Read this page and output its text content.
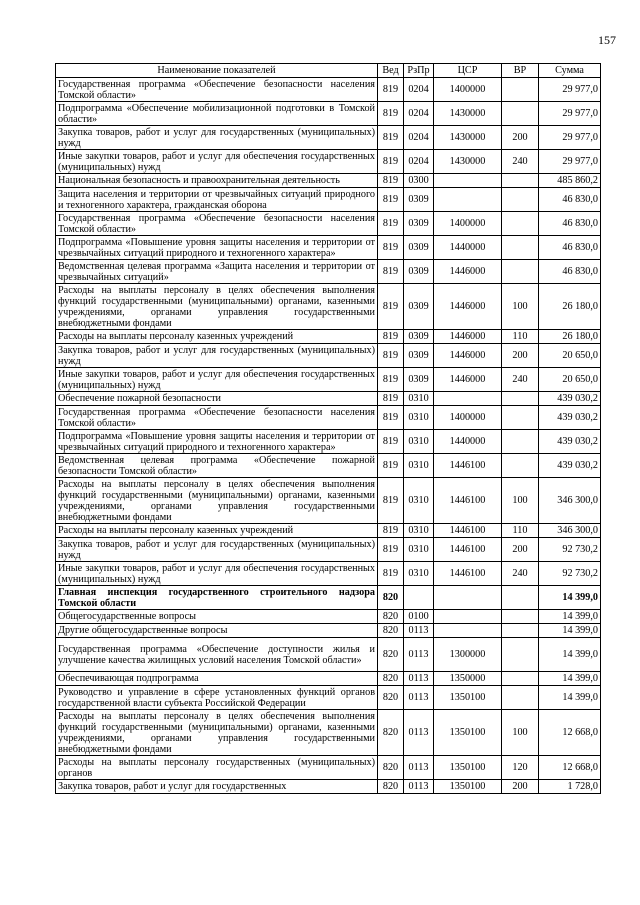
157
Наименование показателей	Вед	РзПр	ЦСР	ВР	Сумма
Государственная программа «Обеспечение безопасности населения Томской области»	819	0204	1400000		29 977,0
Подпрограмма «Обеспечение мобилизационной подготовки в Томской области»	819	0204	1430000		29 977,0
Закупка товаров, работ и услуг для государственных (муниципальных) нужд	819	0204	1430000	200	29 977,0
Иные закупки товаров, работ и услуг для обеспечения государственных (муниципальных) нужд	819	0204	1430000	240	29 977,0
Национальная безопасность и правоохранительная деятельность	819	0300			485 860,2
Защита населения и территории от чрезвычайных ситуаций природного и техногенного характера, гражданская оборона	819	0309			46 830,0
Государственная программа «Обеспечение безопасности населения Томской области»	819	0309	1400000		46 830,0
Подпрограмма «Повышение уровня защиты населения и территории от чрезвычайных ситуаций природного и техногенного характера»	819	0309	1440000		46 830,0
Ведомственная целевая программа «Защита населения и территории от чрезвычайных ситуаций»	819	0309	1446000		46 830,0
Расходы на выплаты персоналу в целях обеспечения выполнения функций государственными (муниципальными) органами, казенными учреждениями, органами управления государственными внебюджетными фондами	819	0309	1446000	100	26 180,0
Расходы на выплаты персоналу казенных учреждений	819	0309	1446000	110	26 180,0
Закупка товаров, работ и услуг для государственных (муниципальных) нужд	819	0309	1446000	200	20 650,0
Иные закупки товаров, работ и услуг для обеспечения государственных (муниципальных) нужд	819	0309	1446000	240	20 650,0
Обеспечение пожарной безопасности	819	0310			439 030,2
Государственная программа «Обеспечение безопасности населения Томской области»	819	0310	1400000		439 030,2
Подпрограмма «Повышение уровня защиты населения и территории от чрезвычайных ситуаций природного и техногенного характера»	819	0310	1440000		439 030,2
Ведомственная целевая программа «Обеспечение пожарной безопасности Томской области»	819	0310	1446100		439 030,2
Расходы на выплаты персоналу в целях обеспечения выполнения функций государственными (муниципальными) органами, казенными учреждениями, органами управления государственными внебюджетными фондами	819	0310	1446100	100	346 300,0
Расходы на выплаты персоналу казенных учреждений	819	0310	1446100	110	346 300,0
Закупка товаров, работ и услуг для государственных (муниципальных) нужд	819	0310	1446100	200	92 730,2
Иные закупки товаров, работ и услуг для обеспечения государственных (муниципальных) нужд	819	0310	1446100	240	92 730,2
Главная инспекция государственного строительного надзора Томской области	820				14 399,0
Общегосударственные вопросы	820	0100			14 399,0
Другие общегосударственные вопросы	820	0113			14 399,0
Государственная программа «Обеспечение доступности жилья и улучшение качества жилищных условий населения Томской области»	820	0113	1300000		14 399,0
Обеспечивающая подпрограмма	820	0113	1350000		14 399,0
Руководство и управление в сфере установленных функций органов государственной власти субъекта Российской Федерации	820	0113	1350100		14 399,0
Расходы на выплаты персоналу в целях обеспечения выполнения функций государственными (муниципальными) органами, казенными учреждениями, органами управления государственными внебюджетными фондами	820	0113	1350100	100	12 668,0
Расходы на выплаты персоналу государственных (муниципальных) органов	820	0113	1350100	120	12 668,0
Закупка товаров, работ и услуг для государственных	820	0113	1350100	200	1 728,0
